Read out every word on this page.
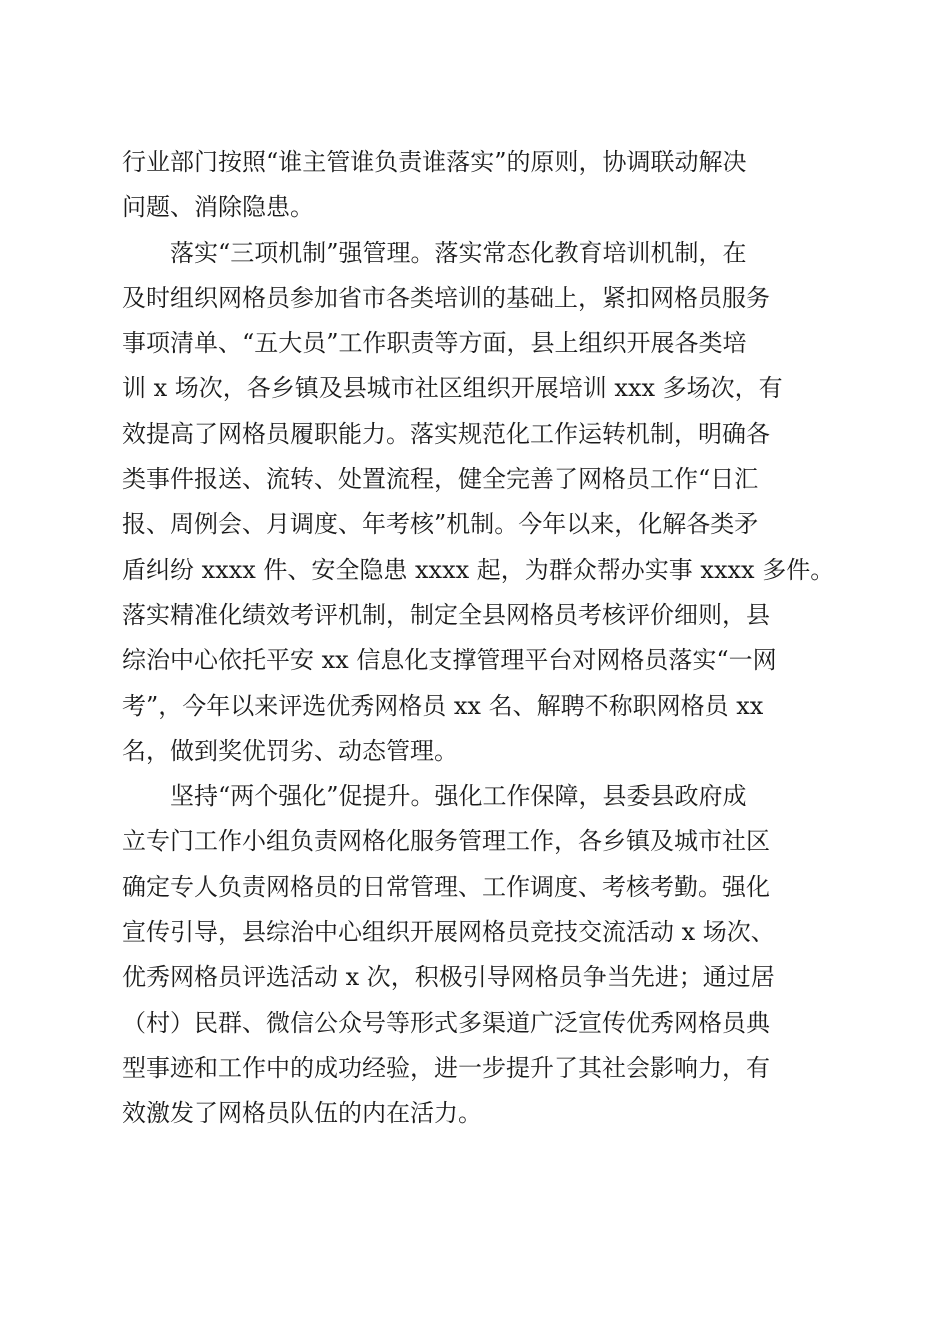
行业部门按照“谁主管谁负责谁落实”的原则，协调联动解决
问题、消除隐患。
落实“三项机制”强管理。落实常态化教育培训机制，在
及时组织网格员参加省市各类培训的基础上，紧扣网格员服务
事项清单、“五大员”工作职责等方面，县上组织开展各类培
训 x 场次，各乡镇及县城市社区组织开展培训 xxx 多场次，有
效提高了网格员履职能力。落实规范化工作运转机制，明确各
类事件报送、流转、处置流程，健全完善了网格员工作“日汇
报、周例会、月调度、年考核”机制。今年以来，化解各类矛
盾纠纷 xxxx 件、安全隐患 xxxx 起，为群众帮办实事 xxxx 多件。
落实精准化绩效考评机制，制定全县网格员考核评价细则，县
综治中心依托平安 xx 信息化支撑管理平台对网格员落实“一网
考”，今年以来评选优秀网格员 xx 名、解聘不称职网格员 xx
名，做到奖优罚劣、动态管理。
坚持“两个强化”促提升。强化工作保障，县委县政府成
立专门工作小组负责网格化服务管理工作，各乡镇及城市社区
确定专人负责网格员的日常管理、工作调度、考核考勤。强化
宣传引导，县综治中心组织开展网格员竞技交流活动 x 场次、
优秀网格员评选活动 x 次，积极引导网格员争当先进；通过居
（村）民群、微信公众号等形式多渠道广泛宣传优秀网格员典
型事迹和工作中的成功经验，进一步提升了其社会影响力，有
效激发了网格员队伍的内在活力。
